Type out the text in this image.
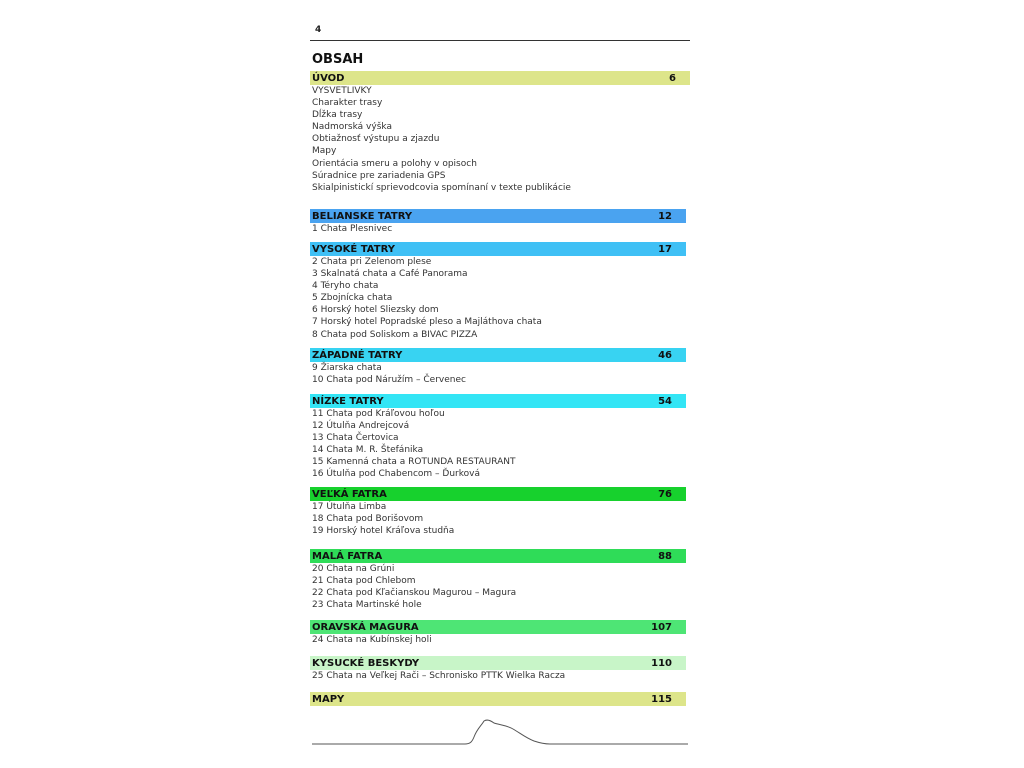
4
OBSAH
ÚVOD	6
VYSVETLIVKY
Charakter trasy
Dĺžka trasy
Nadmorská výška
Obtiažnosť výstupu a zjazdu
Mapy
Orientácia smeru a polohy v opisoch
Súradnice pre zariadenia GPS
Skialpinistickí sprievodcovia spomínaní v texte publikácie
BELIANSKE TATRY	12
1 Chata Plesnivec
VYSOKÉ TATRY	17
2 Chata pri Zelenom plese
3 Skalnatá chata a Café Panorama
4 Téryho chata
5 Zbojnícka chata
6 Horský hotel Sliezsky dom
7 Horský hotel Popradské pleso a Majláthova chata
8 Chata pod Soliskom a BIVAC PIZZA
ZÁPADNÉ TATRY	46
9 Žiarska chata
10 Chata pod Náružím – Červenec
NÍZKE TATRY	54
11 Chata pod Kráľovou hoľou
12 Útulňa Andrejcová
13 Chata Čertovica
14 Chata M. R. Štefánika
15 Kamenná chata a ROTUNDA RESTAURANT
16 Útulňa pod Chabencom – Ďurková
VEĽKÁ FATRA	76
17 Útulňa Limba
18 Chata pod Borišovom
19 Horský hotel Kráľova studňa
MALÁ FATRA	88
20 Chata na Grúni
21 Chata pod Chlebom
22 Chata pod Kľačianskou Magurou – Magura
23 Chata Martinské hole
ORAVSKÁ MAGURA	107
24 Chata na Kubínskej holi
KYSUCKÉ BESKYDY	110
25 Chata na Veľkej Rači – Schronisko PTTK Wielka Racza
MAPY	115
